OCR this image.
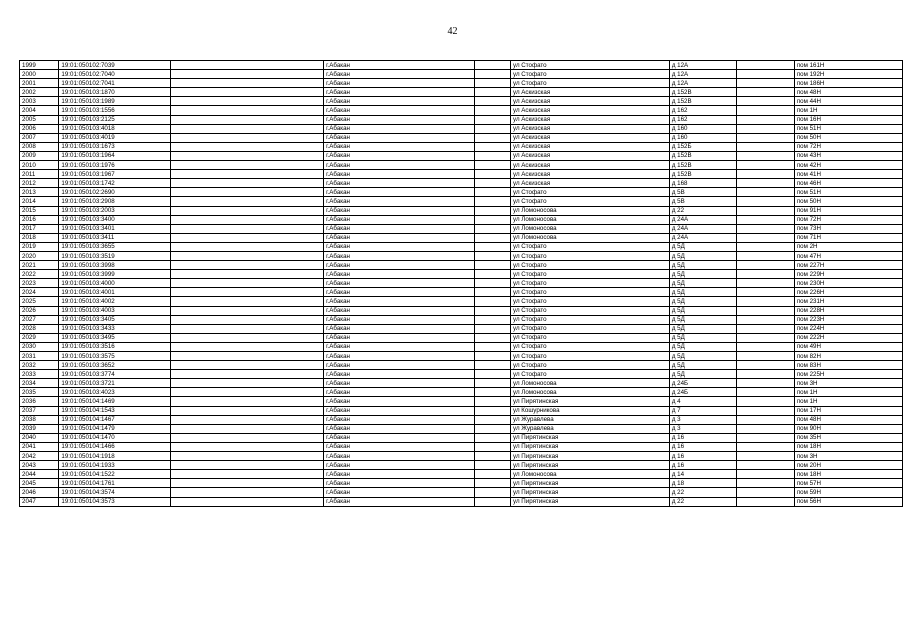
42
1999	19:01:050102:7039		г.Абакан		ул Стофато	д 12А		пом 161Н
2000	19:01:050102:7040		г.Абакан		ул Стофато	д 12А		пом 192Н
2001	19:01:050102:7041		г.Абакан		ул Стофато	д 12А		пом 186Н
2002	19:01:050103:1870		г.Абакан		ул Аскизская	д 152В		пом 48Н
2003	19:01:050103:1989		г.Абакан		ул Аскизская	д 152В		пом 44Н
2004	19:01:050103:1556		г.Абакан		ул Аскизская	д 162		пом 1Н
2005	19:01:050103:2125		г.Абакан		ул Аскизская	д 162		пом 16Н
2006	19:01:050103:4018		г.Абакан		ул Аскизская	д 160		пом 51Н
2007	19:01:050103:4019		г.Абакан		ул Аскизская	д 160		пом 50Н
2008	19:01:050103:1673		г.Абакан		ул Аскизская	д 152Б		пом 72Н
2009	19:01:050103:1964		г.Абакан		ул Аскизская	д 152В		пом 43Н
2010	19:01:050103:1976		г.Абакан		ул Аскизская	д 152В		пом 42Н
2011	19:01:050103:1967		г.Абакан		ул Аскизская	д 152В		пом 41Н
2012	19:01:050103:1742		г.Абакан		ул Аскизская	д 168		пом 46Н
2013	19:01:050102:2690		г.Абакан		ул Стофато	д 5В		пом 51Н
2014	19:01:050103:2908		г.Абакан		ул Стофато	д 5В		пом 50Н
2015	19:01:050103:2003		г.Абакан		ул Ломоносова	д 22		пом 91Н
2016	19:01:050103:3400		г.Абакан		ул Ломоносова	д 24А		пом 72Н
2017	19:01:050103:3401		г.Абакан		ул Ломоносова	д 24А		пом 73Н
2018	19:01:050103:3411		г.Абакан		ул Ломоносова	д 24А		пом 71Н
2019	19:01:050103:3655		г.Абакан		ул Стофато	д 5Д		пом 2Н
2020	19:01:050103:3519		г.Абакан		ул Стофато	д 5Д		пом 47Н
2021	19:01:050103:3998		г.Абакан		ул Стофато	д 5Д		пом 227Н
2022	19:01:050103:3999		г.Абакан		ул Стофато	д 5Д		пом 229Н
2023	19:01:050103:4000		г.Абакан		ул Стофато	д 5Д		пом 230Н
2024	19:01:050103:4001		г.Абакан		ул Стофато	д 5Д		пом 226Н
2025	19:01:050103:4002		г.Абакан		ул Стофато	д 5Д		пом 231Н
2026	19:01:050103:4003		г.Абакан		ул Стофато	д 5Д		пом 228Н
2027	19:01:050103:3405		г.Абакан		ул Стофато	д 5Д		пом 223Н
2028	19:01:050103:3433		г.Абакан		ул Стофато	д 5Д		пом 224Н
2029	19:01:050103:3495		г.Абакан		ул Стофато	д 5Д		пом 222Н
2030	19:01:050103:3516		г.Абакан		ул Стофато	д 5Д		пом 49Н
2031	19:01:050103:3575		г.Абакан		ул Стофато	д 5Д		пом 82Н
2032	19:01:050103:3652		г.Абакан		ул Стофато	д 5Д		пом 83Н
2033	19:01:050103:3774		г.Абакан		ул Стофато	д 5Д		пом 225Н
2034	19:01:050103:3721		г.Абакан		ул Ломоносова	д 24Б		пом 3Н
2035	19:01:050103:4023		г.Абакан		ул Ломоносова	д 24Б		пом 1Н
2036	19:01:050104:1469		г.Абакан		ул Пирятинская	д 4		пом 1Н
2037	19:01:050104:1543		г.Абакан		ул Кошурникова	д 7		пом 17Н
2038	19:01:050104:1467		г.Абакан		ул Журавлева	д 3		пом 48Н
2039	19:01:050104:1479		г.Абакан		ул Журавлева	д 3		пом 90Н
2040	19:01:050104:1470		г.Абакан		ул Пирятинская	д 16		пом 35Н
2041	19:01:050104:1466		г.Абакан		ул Пирятинская	д 16		пом 18Н
2042	19:01:050104:1918		г.Абакан		ул Пирятинская	д 16		пом 3Н
2043	19:01:050104:1933		г.Абакан		ул Пирятинская	д 16		пом 20Н
2044	19:01:050104:1522		г.Абакан		ул Ломоносова	д 14		пом 18Н
2045	19:01:050104:1761		г.Абакан		ул Пирятинская	д 18		пом 57Н
2046	19:01:050104:3574		г.Абакан		ул Пирятинская	д 22		пом 59Н
2047	19:01:050104:3573		г.Абакан		ул Пирятинская	д 22		пом 56Н
